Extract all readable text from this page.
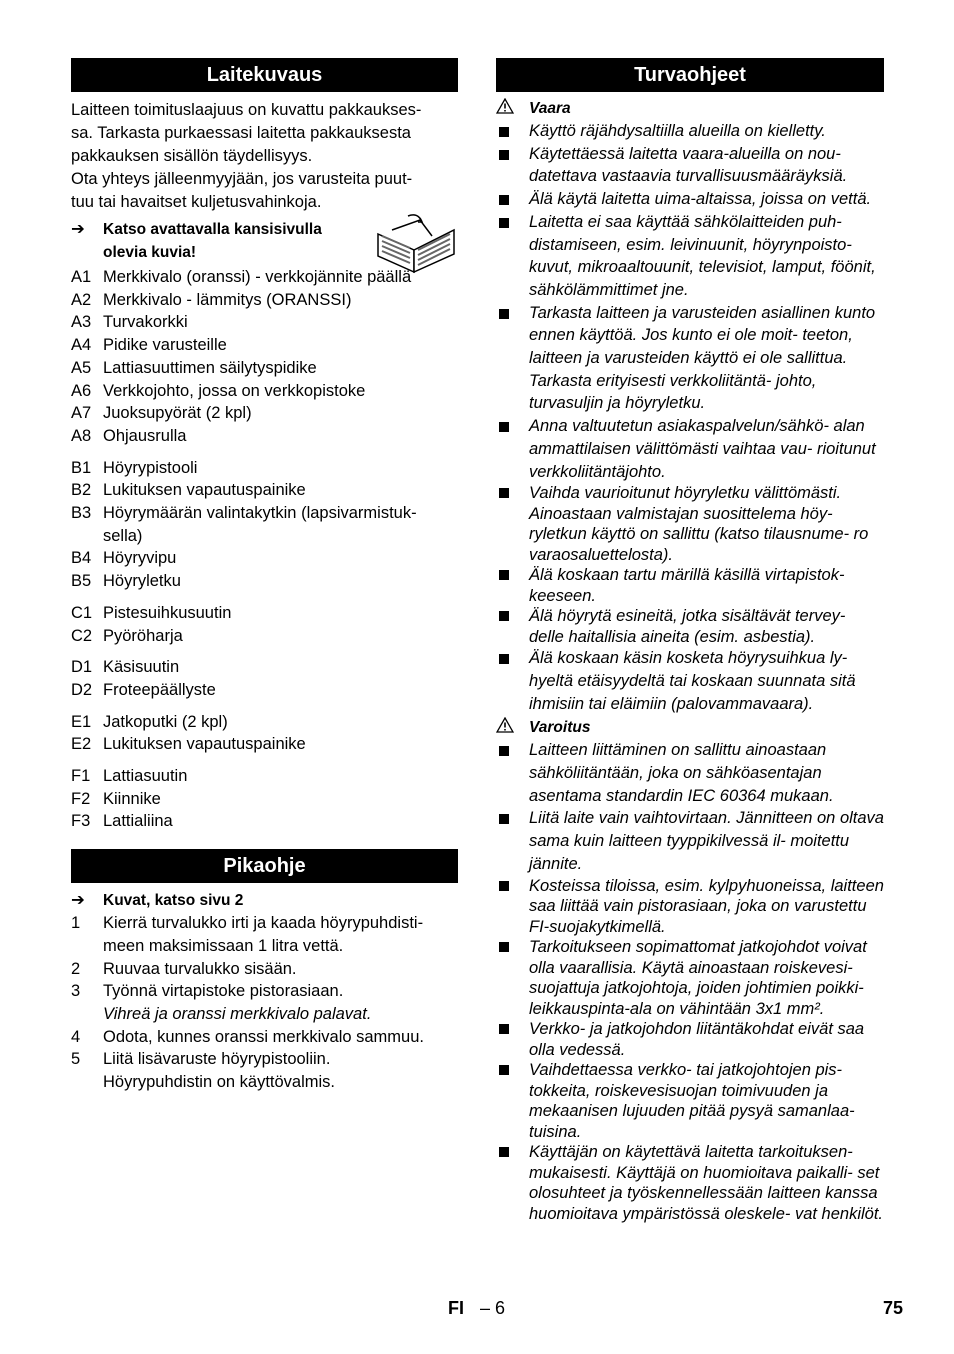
Laitekuvaus

Laitteen toimituslaajuus on kuvattu pakkaukses-
sa. Tarkasta purkaessasi laitetta pakkauksesta
pakkauksen sisällön täydellisyys.
Ota yhteys jälleenmyyjään, jos varusteita puut-
tuu tai havaitset kuljetusvahinkoja.

➔	Katso avattavalla kansisivulla
olevia kuvia!
A1 Merkkivalo (oranssi) - verkkojännite päällä
A2 Merkkivalo - lämmitys (ORANSSI)
A3 Turvakorkki
A4 Pidike varusteille
A5 Lattiasuuttimen säilytyspidike
A6 Verkkojohto, jossa on verkkopistoke
A7 Juoksupyörät (2 kpl)
A8 Ohjausrulla
B1 Höyrypistooli
B2 Lukituksen vapautuspainike
B3 Höyrymäärän valintakytkin (lapsivarmistuk- sella)
B4 Höyryvipu
B5 Höyryletku
C1 Pistesuihkusuutin
C2 Pyöröharja
D1 Käsisuutin
D2 Froteepäällyste
E1 Jatkoputki (2 kpl)
E2 Lukituksen vapautuspainike
F1 Lattiasuutin
F2 Kiinnike
F3 Lattialiina
Pikaohje
➔	Kuvat, katso sivu 2
1	Kierrä turvalukko irti ja kaada höyrypuhdisti- meen maksimissaan 1 litra vettä.
2	Ruuvaa turvalukko sisään.
3	Työnnä virtapistoke pistorasiaan.
Vihreä ja oranssi merkkivalo palavat.
4	Odota, kunnes oranssi merkkivalo sammuu.
5	Liitä lisävaruste höyrypistooliin.
Höyrypuhdistin on käyttövalmis.
Turvaohjeet
Vaara
Käyttö räjähdysaltiilla alueilla on kielletty.
Käytettäessä laitetta vaara-alueilla on nou- datettava vastaavia turvallisuusmääräyksiä.
Älä käytä laitetta uima-altaissa, joissa on vettä.
Laitetta ei saa käyttää sähkölaitteiden puh- distamiseen, esim. leivinuunit, höyrynpoisto- kuvut, mikroaaltouunit, televisiot, lamput, föönit, sähkölämmittimet jne.
Tarkasta laitteen ja varusteiden asiallinen kunto ennen käyttöä. Jos kunto ei ole moit- teeton, laitteen ja varusteiden käyttö ei ole sallittua. Tarkasta erityisesti verkkoliitäntä- johto, turvasuljin ja höyryletku.
Anna valtuutetun asiakaspalvelun/sähkö- alan ammattilaisen välittömästi vaihtaa vau- rioitunut verkkoliitäntäjohto.
Vaihda vaurioitunut höyryletku välittömästi. Ainoastaan valmistajan suosittelema höy- ryletkun käyttö on sallittu (katso tilausnume- ro varaosaluettelosta).
Älä koskaan tartu märillä käsillä virtapistok- keeseen.
Älä höyrytä esineitä, jotka sisältävät tervey- delle haitallisia aineita (esim. asbestia).
Älä koskaan käsin kosketa höyrysuihkua ly- hyeltä etäisyydeltä tai koskaan suunnata sitä ihmisiin tai eläimiin (palovammavaara).
Varoitus
Laitteen liittäminen on sallittu ainoastaan sähköliitäntään, joka on sähköasentajan asentama standardin IEC 60364 mukaan.
Liitä laite vain vaihtovirtaan. Jännitteen on oltava sama kuin laitteen tyyppikilvessä il- moitettu jännite.
Kosteissa tiloissa, esim. kylpyhuoneissa, laitteen saa liittää vain pistorasiaan, joka on varustettu FI-suojakytkimellä.
Tarkoitukseen sopimattomat jatkojohdot voivat olla vaarallisia. Käytä ainoastaan roiskevesi- suojattuja jatkojohtoja, joiden johtimien poikki- leikkauspinta-ala on vähintään 3x1 mm².
Verkko- ja jatkojohdon liitäntäkohdat eivät saa olla vedessä.
Vaihdettaessa verkko- tai jatkojohtojen pis- tokkeita, roiskevesisuojan toimivuuden ja mekaanisen lujuuden pitää pysyä samanlaa- tuisina.
Käyttäjän on käytettävä laitetta tarkoituksen- mukaisesti. Käyttäjä on huomioitava paikalli- set olosuhteet ja työskennellessään laitteen kanssa huomioitava ympäristössä oleskele- vat henkilöt.
FI – 6	75
